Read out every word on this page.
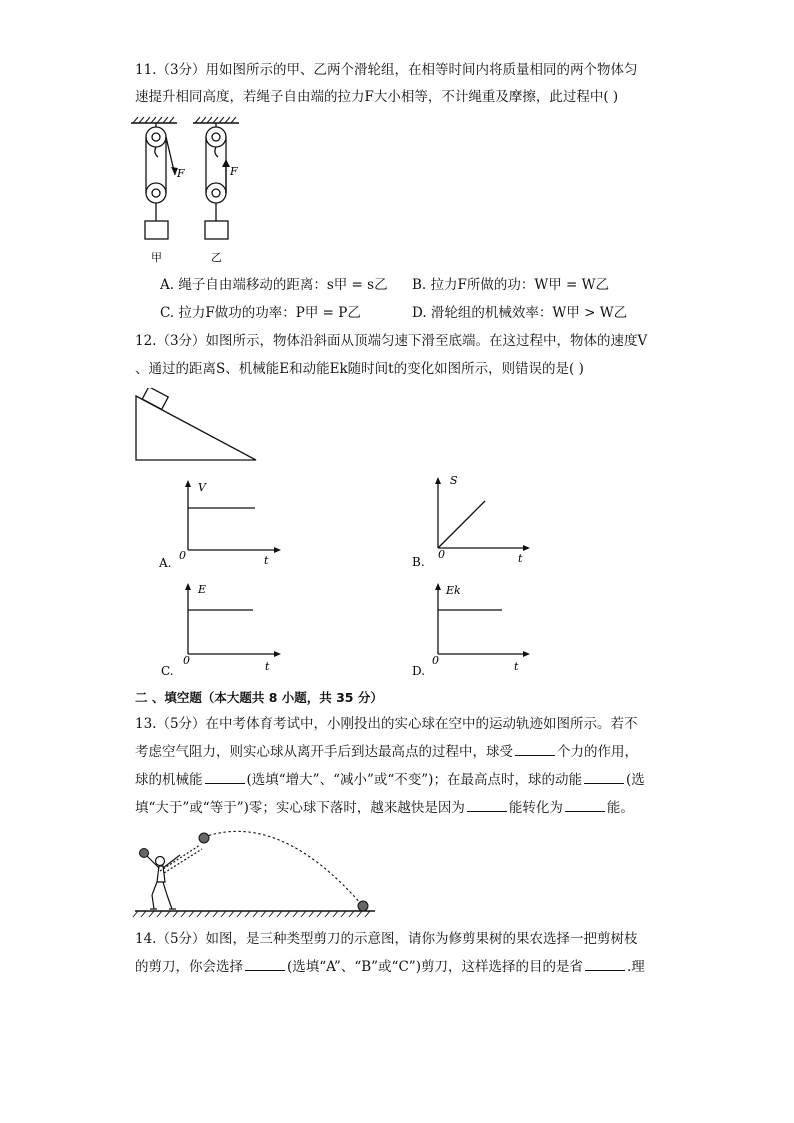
11.（3分）用如图所示的甲、乙两个滑轮组，在相等时间内将质量相同的两个物体匀
速提升相同高度，若绳子自由端的拉力F大小相等，不计绳重及摩擦，此过程中( )
F	F
甲	乙
A. 绳子自由端移动的距离：s甲 = s乙 B. 拉力F所做的功：W甲 = W乙
C. 拉力F做功的功率：P甲 = P乙	D. 滑轮组的机械效率：W甲 > W乙
12.（3分）如图所示，物体沿斜面从顶端匀速下滑至底端。在这过程中，物体的速度V
、通过的距离S、机械能E和动能Ek随时间t的变化如图所示，则错误的是( )
V
t
0
A.
S
t
0
B.
E
t
0
C.
Ek
t
0
D.
二 、填空题（本大题共 8 小题，共 35 分）
13.（5分）在中考体育考试中，小刚投出的实心球在空中的运动轨迹如图所示。若不
考虑空气阻力，则实心球从离开手后到达最高点的过程中，球受	个力的作用，
球的机械能	(选填“增大”、“减小”或“不变”)；在最高点时，球的动能	(选
填“大于”或“等于”)零；实心球下落时，越来越快是因为	能转化为	能。
14.（5分）如图，是三种类型剪刀的示意图，请你为修剪果树的果农选择一把剪树枝
的剪刀，你会选择	(选填“A”、“B”或“C”)剪刀，这样选择的目的是省	.理
